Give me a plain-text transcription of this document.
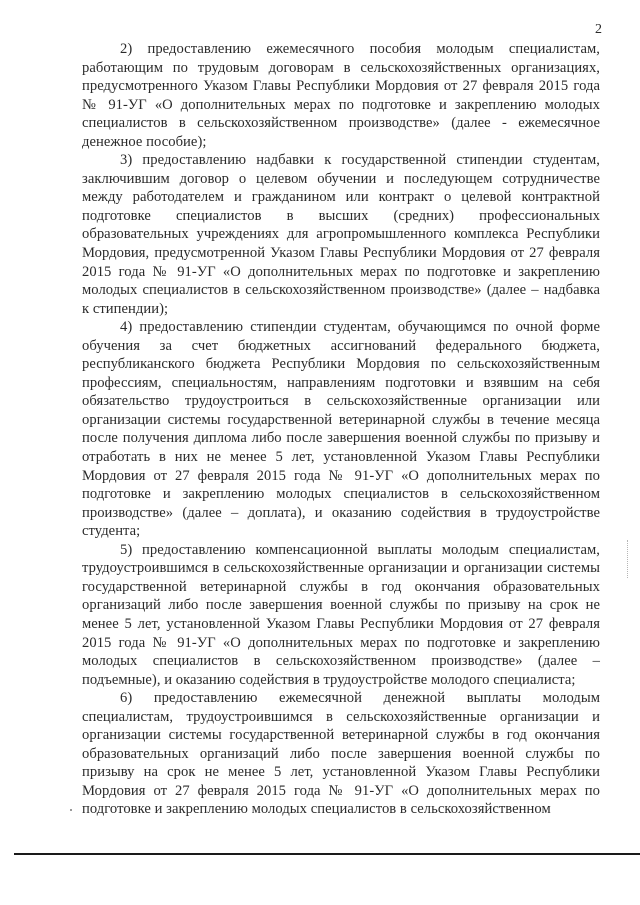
2

2) предоставлению ежемесячного пособия молодым специалистам, работающим по трудовым договорам в сельскохозяйственных организациях, предусмотренного Указом Главы Республики Мордовия от 27 февраля 2015 года № 91-УГ «О дополнительных мерах по подготовке и закреплению молодых специалистов в сельскохозяйственном производстве» (далее - ежемесячное денежное пособие);

3) предоставлению надбавки к государственной стипендии студентам, заключившим договор о целевом обучении и последующем сотрудничестве между работодателем и гражданином или контракт о целевой контрактной подготовке специалистов в высших (средних) профессиональных образовательных учреждениях для агропромышленного комплекса Республики Мордовия, предусмотренной Указом Главы Республики Мордовия от 27 февраля 2015 года № 91-УГ «О дополнительных мерах по подготовке и закреплению молодых специалистов в сельскохозяйственном производстве» (далее – надбавка к стипендии);

4) предоставлению стипендии студентам, обучающимся по очной форме обучения за счет бюджетных ассигнований федерального бюджета, республиканского бюджета Республики Мордовия по сельскохозяйственным профессиям, специальностям, направлениям подготовки и взявшим на себя обязательство трудоустроиться в сельскохозяйственные организации или организации системы государственной ветеринарной службы в течение месяца после получения диплома либо после завершения военной службы по призыву и отработать в них не менее 5 лет, установленной Указом Главы Республики Мордовия от 27 февраля 2015 года № 91-УГ «О дополнительных мерах по подготовке и закреплению молодых специалистов в сельскохозяйственном производстве» (далее – доплата), и оказанию содействия в трудоустройстве студента;

5) предоставлению компенсационной выплаты молодым специалистам, трудоустроившимся в сельскохозяйственные организации и организации системы государственной ветеринарной службы в год окончания образовательных организаций либо после завершения военной службы по призыву на срок не менее 5 лет, установленной Указом Главы Республики Мордовия от 27 февраля 2015 года № 91-УГ «О дополнительных мерах по подготовке и закреплению молодых специалистов в сельскохозяйственном производстве» (далее – подъемные), и оказанию содействия в трудоустройстве молодого специалиста;

6) предоставлению ежемесячной денежной выплаты молодым специалистам, трудоустроившимся в сельскохозяйственные организации и организации системы государственной ветеринарной службы в год окончания образовательных организаций либо после завершения военной службы по призыву на срок не менее 5 лет, установленной Указом Главы Республики Мордовия от 27 февраля 2015 года № 91-УГ «О дополнительных мерах по подготовке и закреплению молодых специалистов в сельскохозяйственном
